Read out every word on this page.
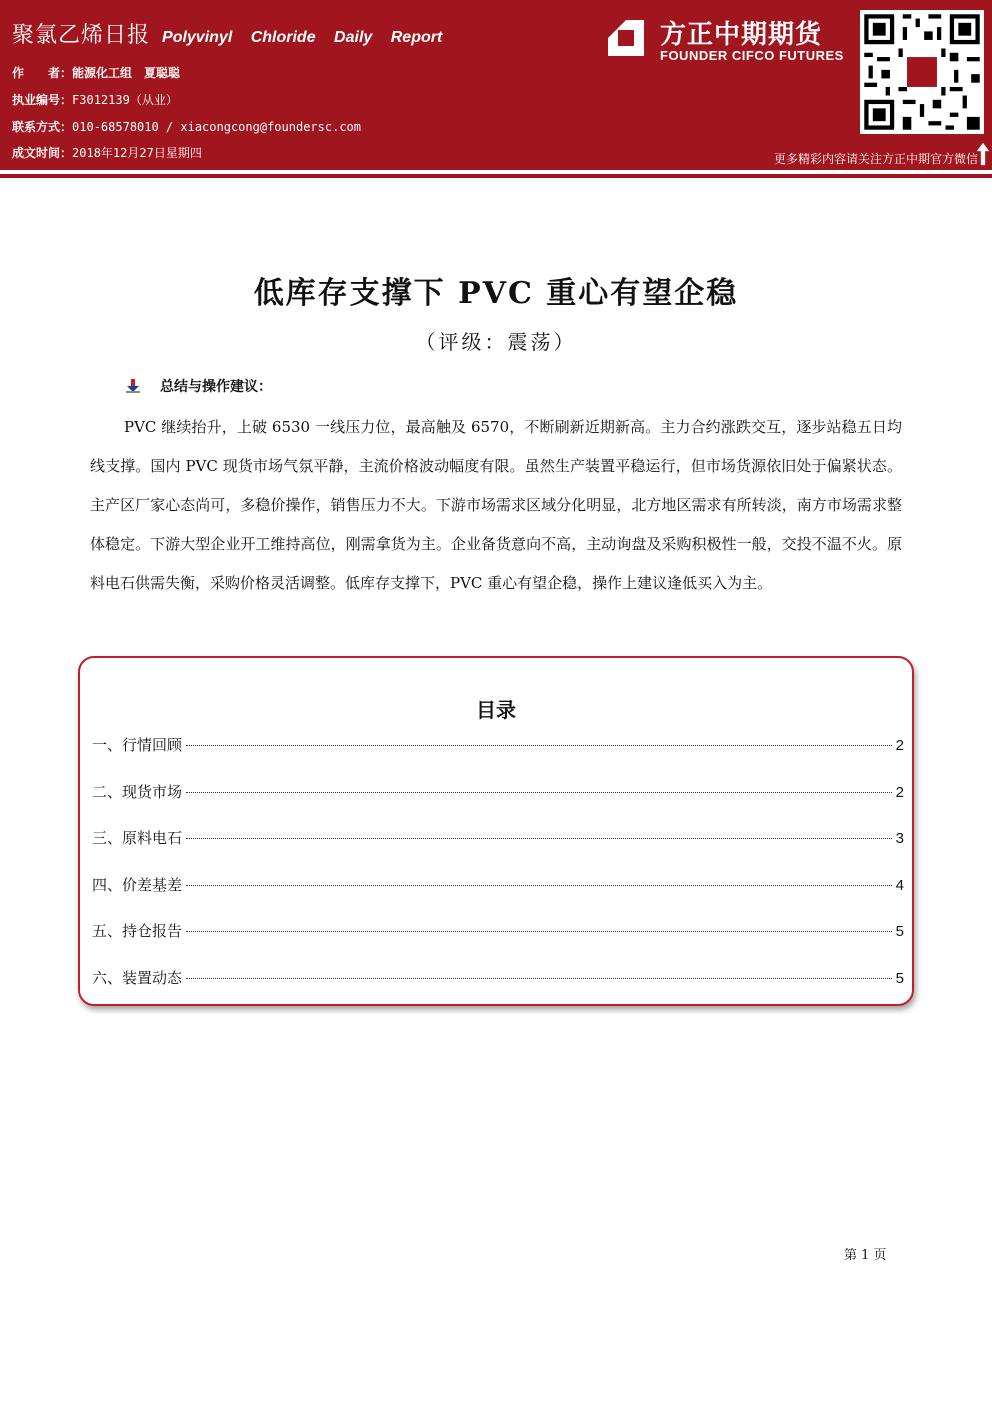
聚氯乙烯日报 Polyvinyl Chloride Daily Report
作　　者：能源化工组　夏聪聪
执业编号：F3012139（从业）
联系方式：010-68578010 / xiacongcong@foundersc.com
成文时间：2018年12月27日星期四
方正中期期货
FOUNDER CIFCO FUTURES
更多精彩内容请关注方正中期官方微信
低库存支撑下 PVC 重心有望企稳
（评级：震荡）
总结与操作建议：
PVC 继续抬升，上破 6530 一线压力位，最高触及 6570，不断刷新近期新高。主力合约涨跌交互，逐步站稳五日均线支撑。国内 PVC 现货市场气氛平静，主流价格波动幅度有限。虽然生产装置平稳运行，但市场货源依旧处于偏紧状态。主产区厂家心态尚可，多稳价操作，销售压力不大。下游市场需求区域分化明显，北方地区需求有所转淡，南方市场需求整体稳定。下游大型企业开工维持高位，刚需拿货为主。企业备货意向不高，主动询盘及采购积极性一般，交投不温不火。原料电石供需失衡，采购价格灵活调整。低库存支撑下，PVC 重心有望企稳，操作上建议逢低买入为主。
目录
一、行情回顾	2
二、现货市场	2
三、原料电石	3
四、价差基差	4
五、持仓报告	5
六、装置动态	5
第 1 页
